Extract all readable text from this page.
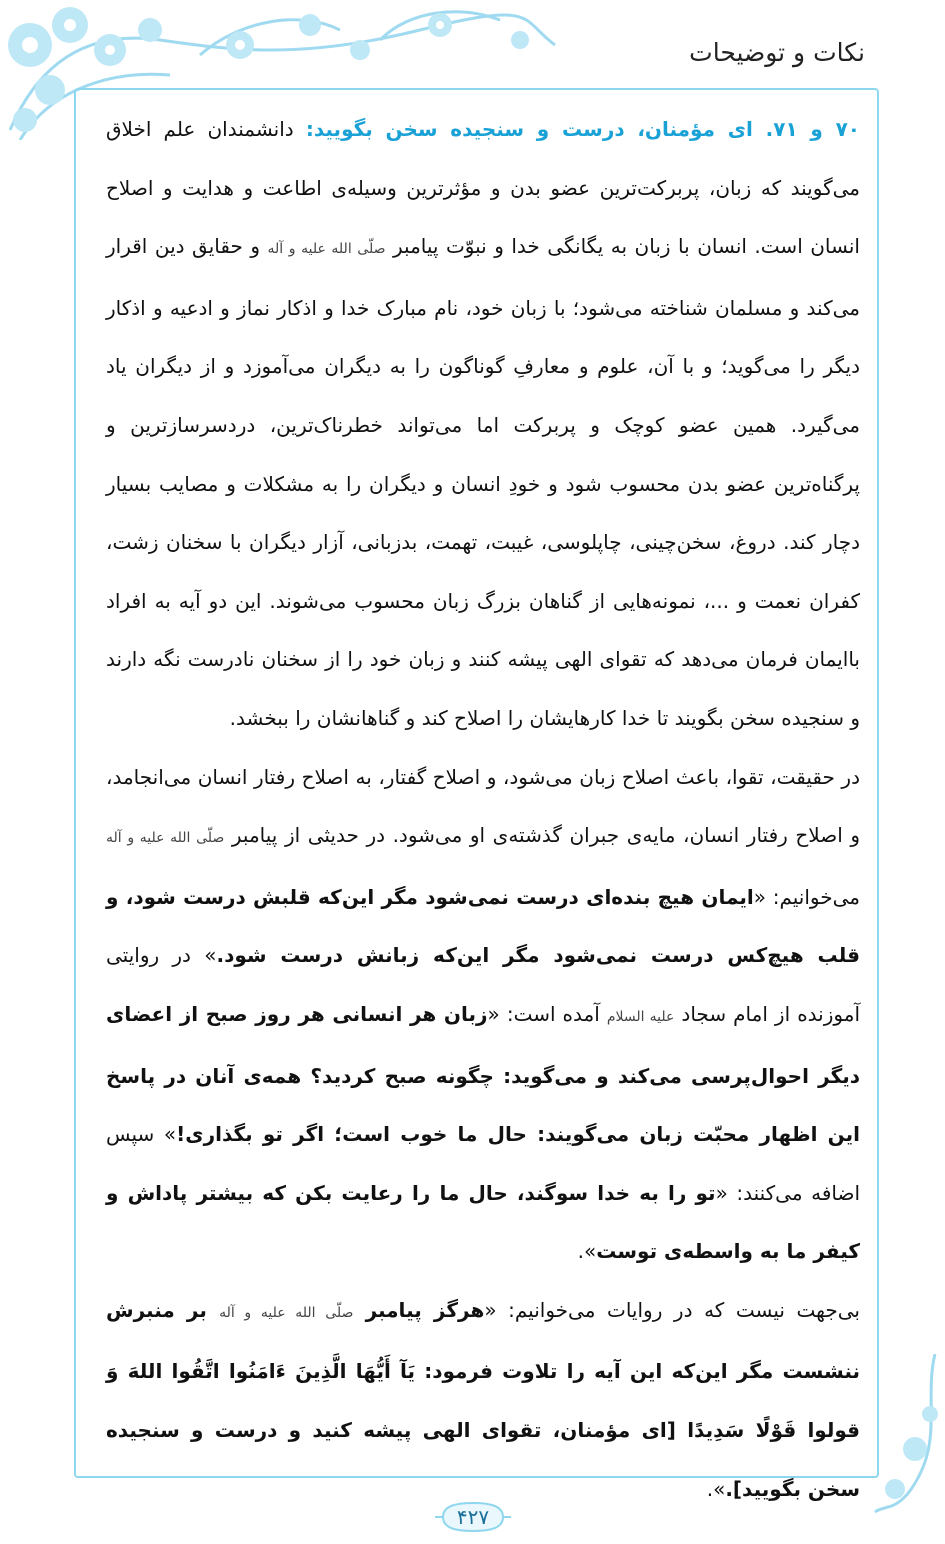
نکات و توضیحات

۷۰ و ۷۱. ای مؤمنان، درست و سنجیده سخن بگویید: دانشمندان علم اخلاق می‌گویند که زبان، پربرکت‌ترین عضو بدن و مؤثرترین وسیله‌ی اطاعت و هدایت و اصلاح انسان است. انسان با زبان به یگانگی خدا و نبوّت پیامبر صلّی الله علیه و آله و حقایق دین اقرار می‌کند و مسلمان شناخته می‌شود؛ با زبان خود، نام مبارک خدا و اذکار نماز و ادعیه و اذکار دیگر را می‌گوید؛ و با آن، علوم و معارفِ گوناگون را به دیگران می‌آموزد و از دیگران یاد می‌گیرد. همین عضو کوچک و پربرکت اما می‌تواند خطرناک‌ترین، دردسرسازترین و پرگناه‌ترین عضو بدن محسوب شود و خودِ انسان و دیگران را به مشکلات و مصایب بسیار دچار کند. دروغ، سخن‌چینی، چاپلوسی، غیبت، تهمت، بدزبانی، آزار دیگران با سخنان زشت، کفران نعمت و ...، نمونه‌هایی از گناهان بزرگ زبان محسوب می‌شوند. این دو آیه به افراد باایمان فرمان می‌دهد که تقوای الهی پیشه کنند و زبان خود را از سخنان نادرست نگه دارند و سنجیده سخن بگویند تا خدا کارهایشان را اصلاح کند و گناهانشان را ببخشد.

در حقیقت، تقوا، باعث اصلاح زبان می‌شود، و اصلاح گفتار، به اصلاح رفتار انسان می‌انجامد، و اصلاح رفتار انسان، مایه‌ی جبران گذشته‌ی او می‌شود. در حدیثی از پیامبر صلّی الله علیه و آله می‌خوانیم: «ایمان هیچ بنده‌ای درست نمی‌شود مگر این‌که قلبش درست شود، و قلب هیچ‌کس درست نمی‌شود مگر این‌که زبانش درست شود.» در روایتی آموزنده از امام سجاد علیه السلام آمده است: «زبان هر انسانی هر روز صبح از اعضای دیگر احوال‌پرسی می‌کند و می‌گوید: چگونه صبح کردید؟ همه‌ی آنان در پاسخ این اظهار محبّت زبان می‌گویند: حال ما خوب است؛ اگر تو بگذاری!» سپس اضافه می‌کنند: «تو را به خدا سوگند، حال ما را رعایت بکن که بیشتر پاداش و کیفر ما به واسطه‌ی توست».

بی‌جهت نیست که در روایات می‌خوانیم: «هرگز پیامبر صلّی الله علیه و آله بر منبرش ننشست مگر این‌که این آیه را تلاوت فرمود: یَآ أَیُّهَا الَّذِینَ ءَامَنُوا اتَّقُوا اللهَ وَ قولوا قَوْلًا سَدِیدًا [ای مؤمنان، تقوای الهی پیشه کنید و درست و سنجیده سخن بگویید].».

۴۲۷
